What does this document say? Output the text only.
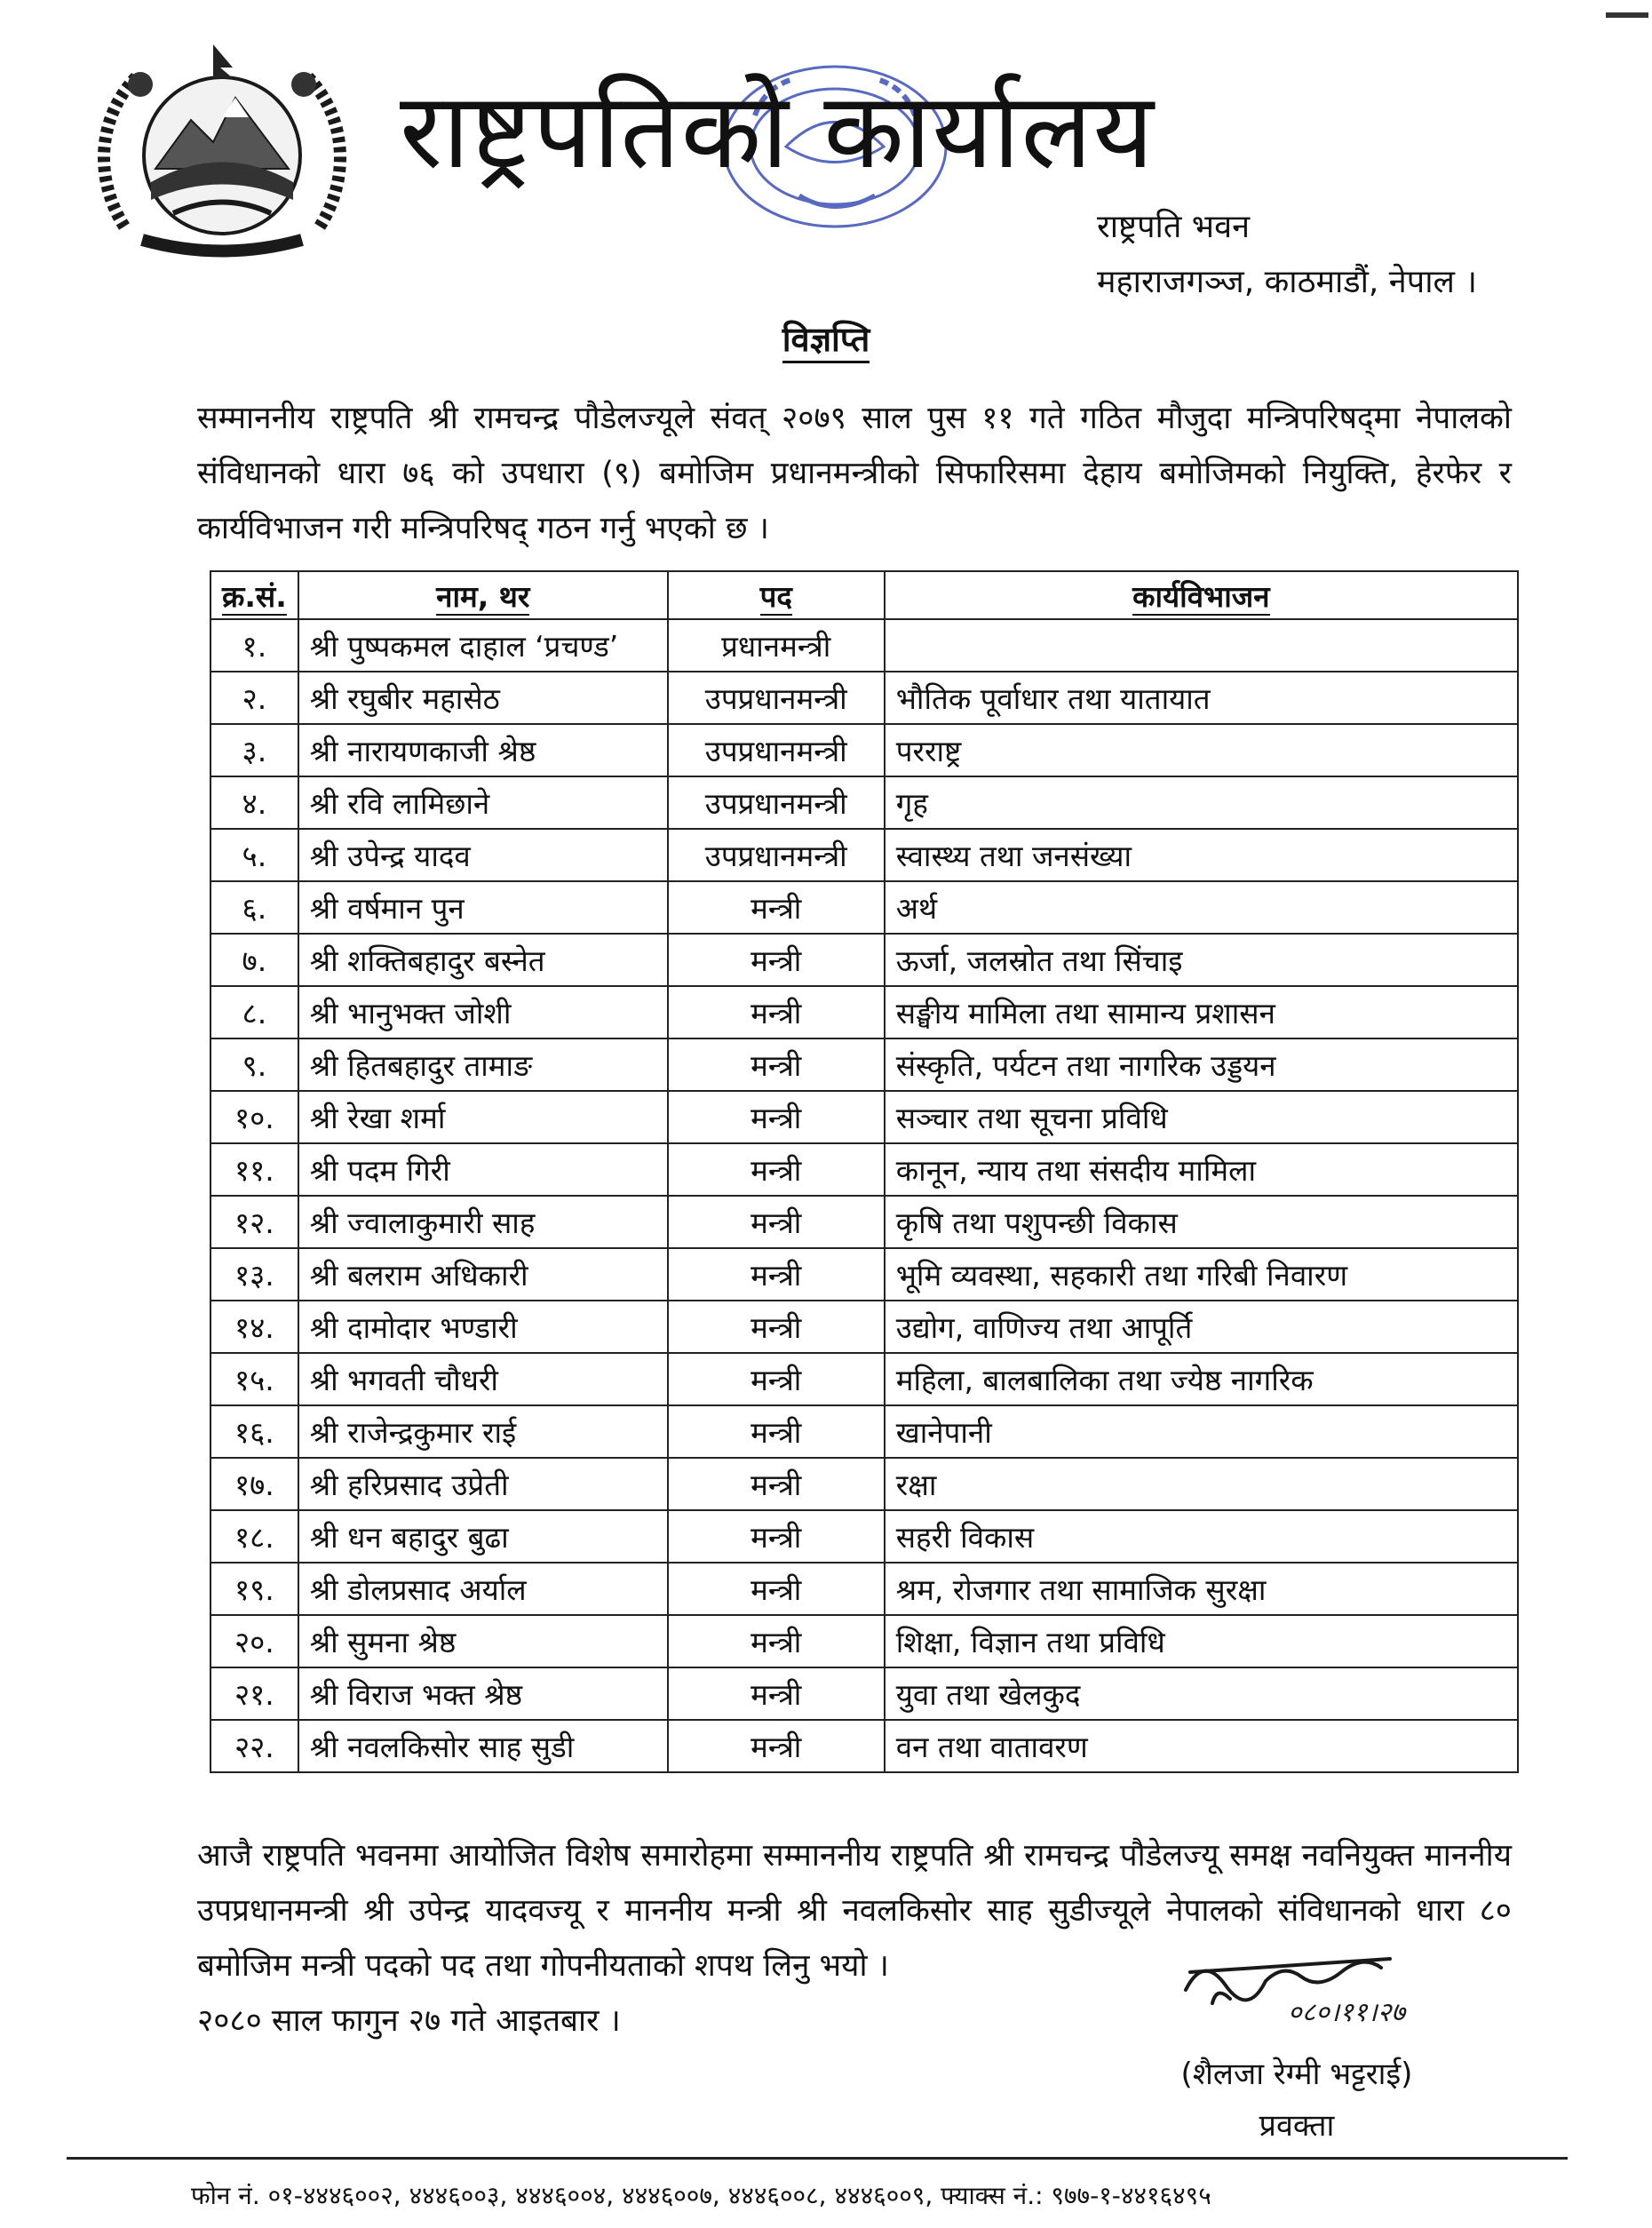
राष्ट्रपतिको कार्यालय
राष्ट्रपति भवन
महाराजगञ्ज, काठमाडौं, नेपाल ।
विज्ञप्ति
सम्माननीय राष्ट्रपति श्री रामचन्द्र पौडेलज्यूले संवत् २०७९ साल पुस ११ गते गठित मौजुदा मन्त्रिपरिषद्‌मा नेपालको संविधानको धारा ७६ को उपधारा (९) बमोजिम प्रधानमन्त्रीको सिफारिसमा देहाय बमोजिमको नियुक्ति, हेरफेर र कार्यविभाजन गरी मन्त्रिपरिषद् गठन गर्नु भएको छ ।
क्र.सं.	नाम, थर	पद	कार्यविभाजन
१.	श्री पुष्पकमल दाहाल ‘प्रचण्ड’	प्रधानमन्त्री	
२.	श्री रघुबीर महासेठ	उपप्रधानमन्त्री	भौतिक पूर्वाधार तथा यातायात
३.	श्री नारायणकाजी श्रेष्ठ	उपप्रधानमन्त्री	परराष्ट्र
४.	श्री रवि लामिछाने	उपप्रधानमन्त्री	गृह
५.	श्री उपेन्द्र यादव	उपप्रधानमन्त्री	स्वास्थ्य तथा जनसंख्या
६.	श्री वर्षमान पुन	मन्त्री	अर्थ
७.	श्री शक्तिबहादुर बस्नेत	मन्त्री	ऊर्जा, जलस्रोत तथा सिंचाइ
८.	श्री भानुभक्त जोशी	मन्त्री	सङ्घीय मामिला तथा सामान्य प्रशासन
९.	श्री हितबहादुर तामाङ	मन्त्री	संस्कृति, पर्यटन तथा नागरिक उड्डयन
१०.	श्री रेखा शर्मा	मन्त्री	सञ्चार तथा सूचना प्रविधि
११.	श्री पदम गिरी	मन्त्री	कानून, न्याय तथा संसदीय मामिला
१२.	श्री ज्वालाकुमारी साह	मन्त्री	कृषि तथा पशुपन्छी विकास
१३.	श्री बलराम अधिकारी	मन्त्री	भूमि व्यवस्था, सहकारी तथा गरिबी निवारण
१४.	श्री दामोदार भण्डारी	मन्त्री	उद्योग, वाणिज्य तथा आपूर्ति
१५.	श्री भगवती चौधरी	मन्त्री	महिला, बालबालिका तथा ज्येष्ठ नागरिक
१६.	श्री राजेन्द्रकुमार राई	मन्त्री	खानेपानी
१७.	श्री हरिप्रसाद उप्रेती	मन्त्री	रक्षा
१८.	श्री धन बहादुर बुढा	मन्त्री	सहरी विकास
१९.	श्री डोलप्रसाद अर्याल	मन्त्री	श्रम, रोजगार तथा सामाजिक सुरक्षा
२०.	श्री सुमना श्रेष्ठ	मन्त्री	शिक्षा, विज्ञान तथा प्रविधि
२१.	श्री विराज भक्त श्रेष्ठ	मन्त्री	युवा तथा खेलकुद
२२.	श्री नवलकिसोर साह सुडी	मन्त्री	वन तथा वातावरण
आजै राष्ट्रपति भवनमा आयोजित विशेष समारोहमा सम्माननीय राष्ट्रपति श्री रामचन्द्र पौडेलज्यू समक्ष नवनियुक्त माननीय उपप्रधानमन्त्री श्री उपेन्द्र यादवज्यू र माननीय मन्त्री श्री नवलकिसोर साह सुडीज्यूले नेपालको संविधानको धारा ८० बमोजिम मन्त्री पदको पद तथा गोपनीयताको शपथ लिनु भयो ।
२०८० साल फागुन २७ गते आइतबार ।	०८०।११।२७
(शैलजा रेग्मी भट्टराई)
प्रवक्ता
फोन नं. ०१-४४४६००२, ४४४६००३, ४४४६००४, ४४४६००७, ४४४६००८, ४४४६००९, फ्याक्स नं.: ९७७-१-४४१६४९५
